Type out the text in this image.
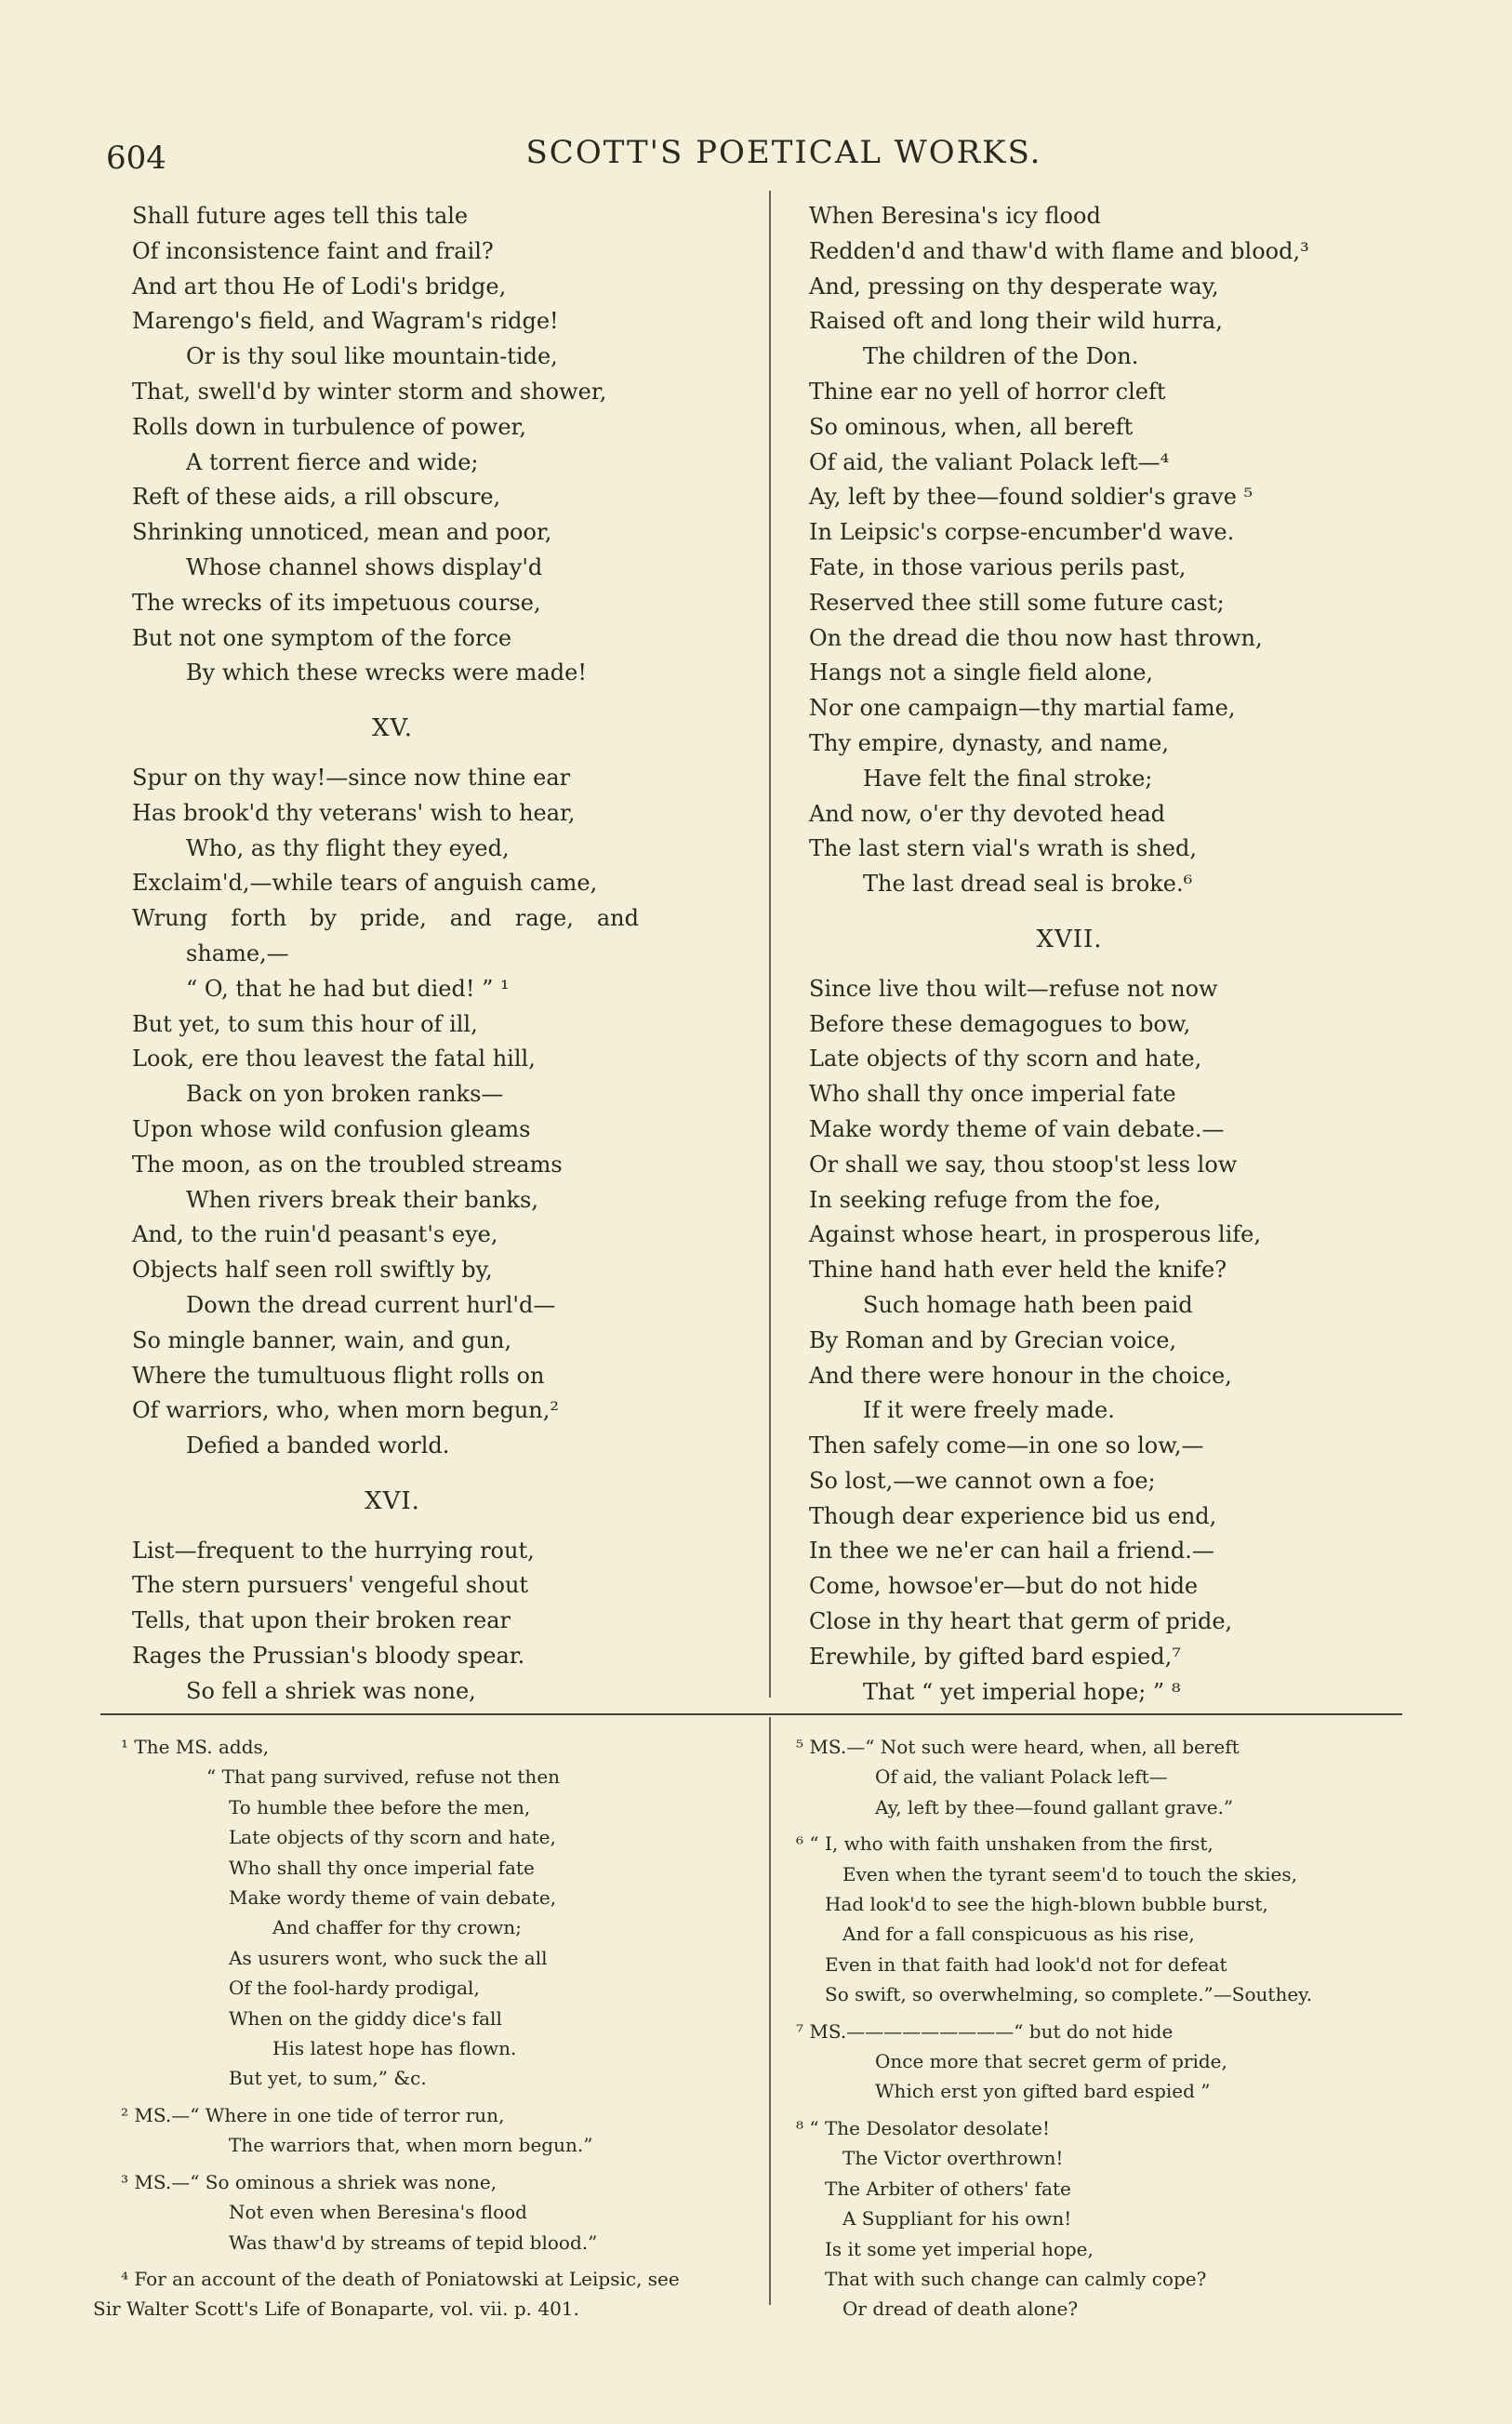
604	SCOTT'S POETICAL WORKS.
Shall future ages tell this tale
Of inconsistence faint and frail?
And art thou He of Lodi's bridge,
Marengo's field, and Wagram's ridge!
Or is thy soul like mountain-tide,
That, swell'd by winter storm and shower,
Rolls down in turbulence of power,
A torrent fierce and wide;
Reft of these aids, a rill obscure,
Shrinking unnoticed, mean and poor,
Whose channel shows display'd
The wrecks of its impetuous course,
But not one symptom of the force
By which these wrecks were made!
XV.
Spur on thy way!—since now thine ear
Has brook'd thy veterans' wish to hear,
Who, as thy flight they eyed,
Exclaim'd,—while tears of anguish came,
Wrung forth by pride, and rage, and
shame,—
“ O, that he had but died! ” ¹
But yet, to sum this hour of ill,
Look, ere thou leavest the fatal hill,
Back on yon broken ranks—
Upon whose wild confusion gleams
The moon, as on the troubled streams
When rivers break their banks,
And, to the ruin'd peasant's eye,
Objects half seen roll swiftly by,
Down the dread current hurl'd—
So mingle banner, wain, and gun,
Where the tumultuous flight rolls on
Of warriors, who, when morn begun,²
Defied a banded world.
XVI.
List—frequent to the hurrying rout,
The stern pursuers' vengeful shout
Tells, that upon their broken rear
Rages the Prussian's bloody spear.
So fell a shriek was none,
When Beresina's icy flood
Redden'd and thaw'd with flame and blood,³
And, pressing on thy desperate way,
Raised oft and long their wild hurra,
The children of the Don.
Thine ear no yell of horror cleft
So ominous, when, all bereft
Of aid, the valiant Polack left—⁴
Ay, left by thee—found soldier's grave ⁵
In Leipsic's corpse-encumber'd wave.
Fate, in those various perils past,
Reserved thee still some future cast;
On the dread die thou now hast thrown,
Hangs not a single field alone,
Nor one campaign—thy martial fame,
Thy empire, dynasty, and name,
Have felt the final stroke;
And now, o'er thy devoted head
The last stern vial's wrath is shed,
The last dread seal is broke.⁶
XVII.
Since live thou wilt—refuse not now
Before these demagogues to bow,
Late objects of thy scorn and hate,
Who shall thy once imperial fate
Make wordy theme of vain debate.—
Or shall we say, thou stoop'st less low
In seeking refuge from the foe,
Against whose heart, in prosperous life,
Thine hand hath ever held the knife?
Such homage hath been paid
By Roman and by Grecian voice,
And there were honour in the choice,
If it were freely made.
Then safely come—in one so low,—
So lost,—we cannot own a foe;
Though dear experience bid us end,
In thee we ne'er can hail a friend.—
Come, howsoe'er—but do not hide
Close in thy heart that germ of pride,
Erewhile, by gifted bard espied,⁷
That “ yet imperial hope; ” ⁸
¹ The MS. adds,
“ That pang survived, refuse not then
To humble thee before the men,
Late objects of thy scorn and hate,
Who shall thy once imperial fate
Make wordy theme of vain debate,
And chaffer for thy crown;
As usurers wont, who suck the all
Of the fool-hardy prodigal,
When on the giddy dice's fall
His latest hope has flown.
But yet, to sum,” &c.
² MS.—“ Where in one tide of terror run,
The warriors that, when morn begun.”
³ MS.—“ So ominous a shriek was none,
Not even when Beresina's flood
Was thaw'd by streams of tepid blood.”
⁴ For an account of the death of Poniatowski at Leipsic, see
Sir Walter Scott's Life of Bonaparte, vol. vii. p. 401.
⁵ MS.—“ Not such were heard, when, all bereft
Of aid, the valiant Polack left—
Ay, left by thee—found gallant grave.”
⁶ “ I, who with faith unshaken from the first,
Even when the tyrant seem'd to touch the skies,
Had look'd to see the high-blown bubble burst,
And for a fall conspicuous as his rise,
Even in that faith had look'd not for defeat
So swift, so overwhelming, so complete.”—Southey.
⁷ MS.—————————“ but do not hide
Once more that secret germ of pride,
Which erst yon gifted bard espied ”
⁸ “ The Desolator desolate!
The Victor overthrown!
The Arbiter of others' fate
A Suppliant for his own!
Is it some yet imperial hope,
That with such change can calmly cope?
Or dread of death alone?
